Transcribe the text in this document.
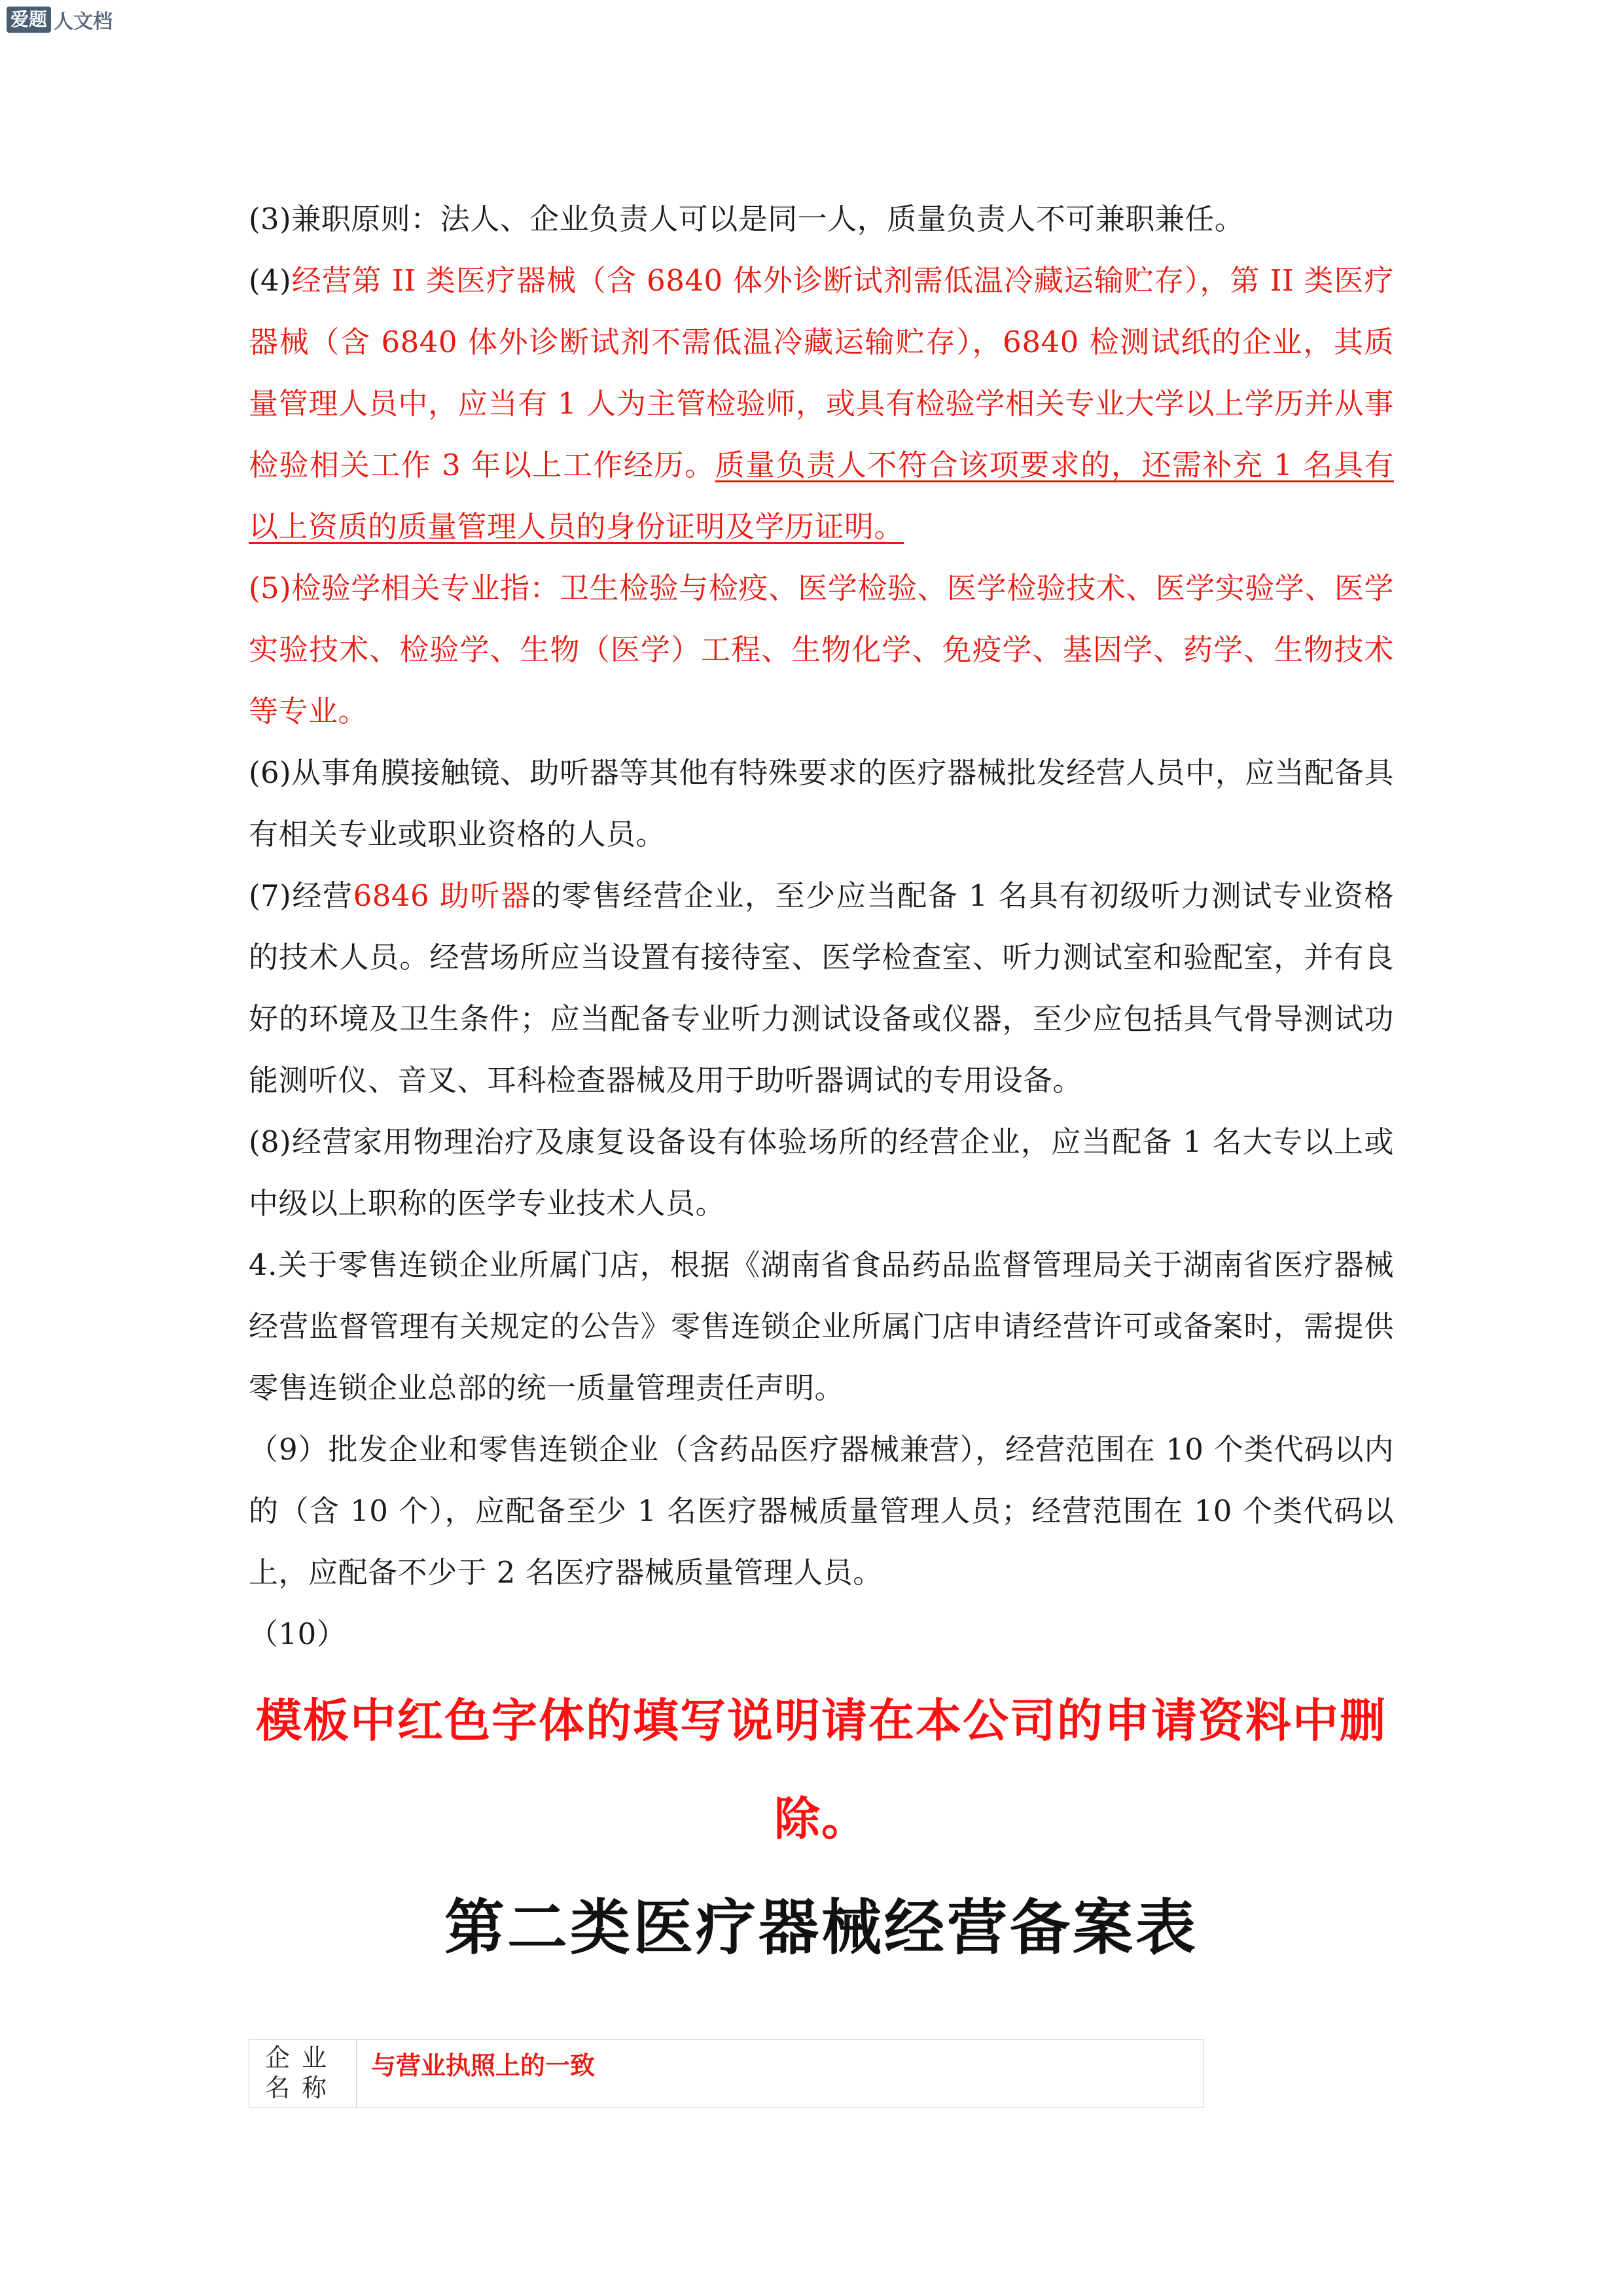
爱题 人文档

(3)兼职原则：法人、企业负责人可以是同一人，质量负责人不可兼职兼任。

(4)经营第 II 类医疗器械（含 6840 体外诊断试剂需低温冷藏运输贮存），第 II 类医疗器械（含 6840 体外诊断试剂不需低温冷藏运输贮存），6840 检测试纸的企业，其质量管理人员中，应当有 1 人为主管检验师，或具有检验学相关专业大学以上学历并从事检验相关工作 3 年以上工作经历。质量负责人不符合该项要求的，还需补充 1 名具有以上资质的质量管理人员的身份证明及学历证明。

(5)检验学相关专业指：卫生检验与检疫、医学检验、医学检验技术、医学实验学、医学实验技术、检验学、生物（医学）工程、生物化学、免疫学、基因学、药学、生物技术等专业。

(6)从事角膜接触镜、助听器等其他有特殊要求的医疗器械批发经营人员中，应当配备具有相关专业或职业资格的人员。

(7)经营6846 助听器的零售经营企业，至少应当配备 1 名具有初级听力测试专业资格的技术人员。经营场所应当设置有接待室、医学检查室、听力测试室和验配室，并有良好的环境及卫生条件；应当配备专业听力测试设备或仪器，至少应包括具气骨导测试功能测听仪、音叉、耳科检查器械及用于助听器调试的专用设备。

(8)经营家用物理治疗及康复设备设有体验场所的经营企业，应当配备 1 名大专以上或中级以上职称的医学专业技术人员。

4.关于零售连锁企业所属门店，根据《湖南省食品药品监督管理局关于湖南省医疗器械经营监督管理有关规定的公告》零售连锁企业所属门店申请经营许可或备案时，需提供零售连锁企业总部的统一质量管理责任声明。

（9）批发企业和零售连锁企业（含药品医疗器械兼营），经营范围在 10 个类代码以内的（含 10 个），应配备至少 1 名医疗器械质量管理人员；经营范围在 10 个类代码以上，应配备不少于 2 名医疗器械质量管理人员。

（10）

模板中红色字体的填写说明请在本公司的申请资料中删除。

第二类医疗器械经营备案表
企业名称
与营业执照上的一致
